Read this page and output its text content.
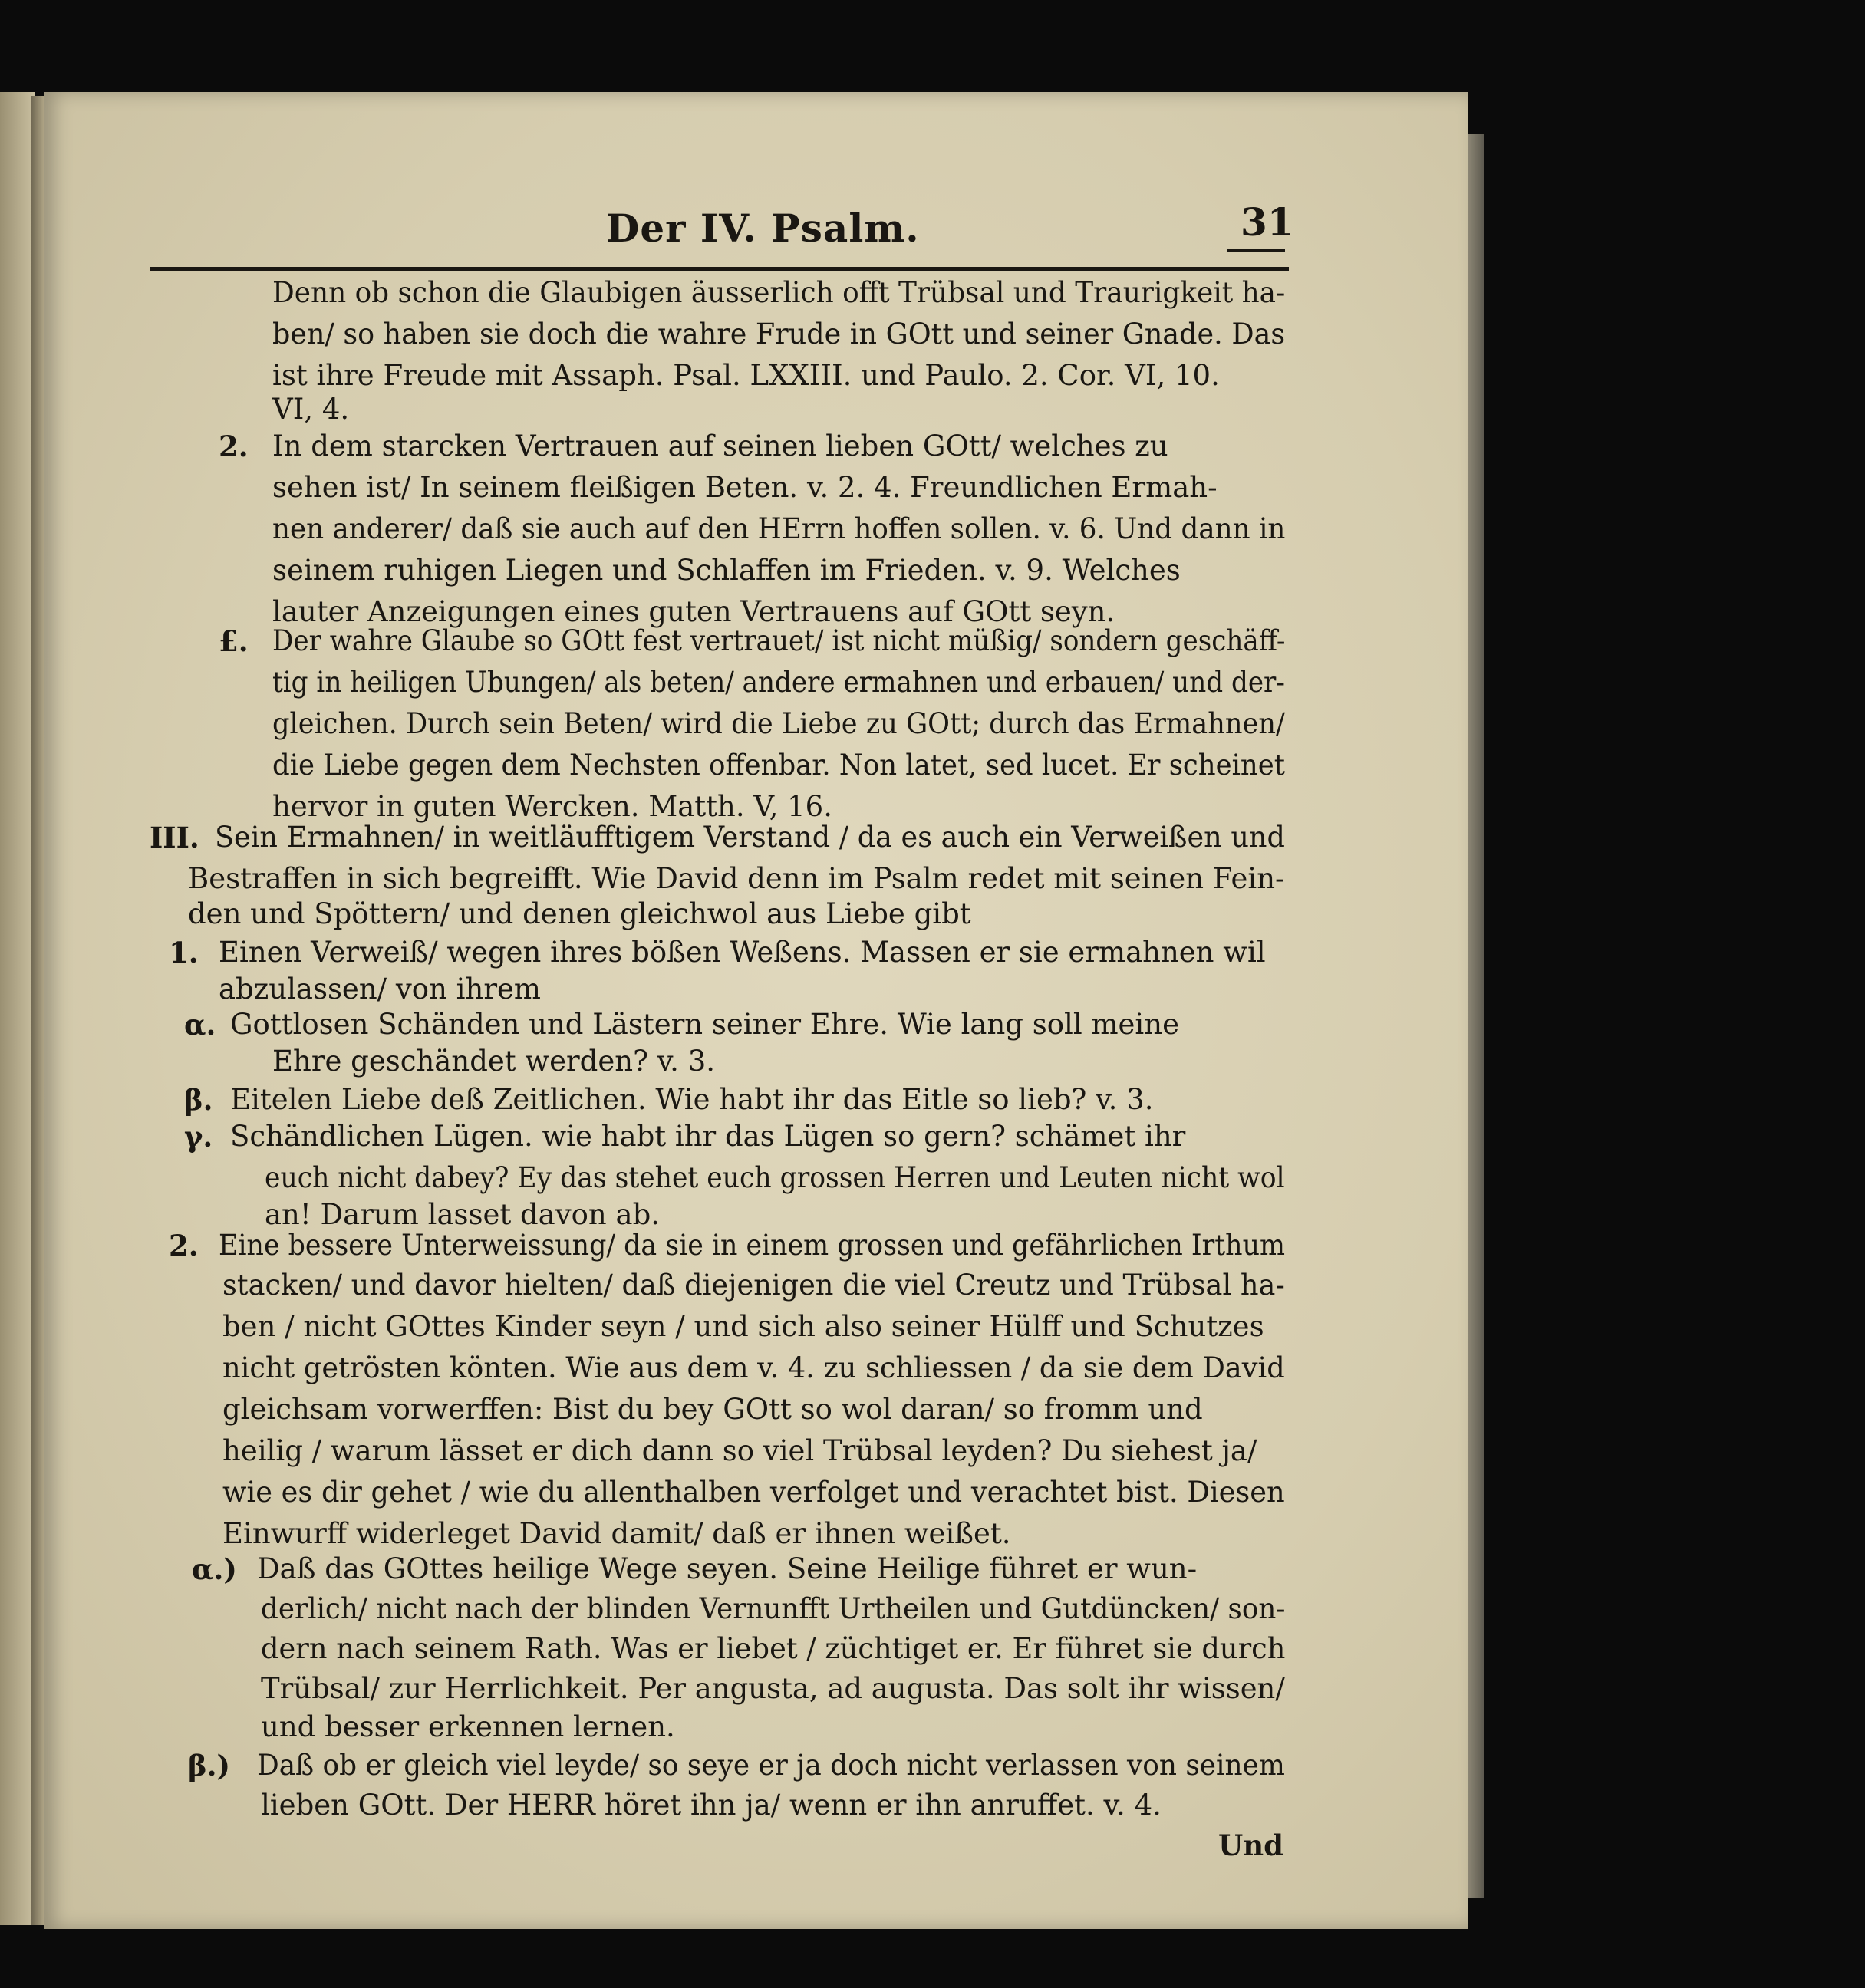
Der IV. Psalm.	31
Denn ob schon die Glaubigen äusserlich offt Trübsal und Traurigkeit ha-
ben/ so haben sie doch die wahre Frude in GOtt und seiner Gnade. Das
ist ihre Freude mit Assaph. Psal. LXXIII. und Paulo. 2. Cor. VI, 10.
VI, 4.
2. In dem starcken Vertrauen auf seinen lieben GOtt/ welches zu
sehen ist/ In seinem fleißigen Beten. v. 2. 4. Freundlichen Ermah-
nen anderer/ daß sie auch auf den HErrn hoffen sollen. v. 6. Und dann in
seinem ruhigen Liegen und Schlaffen im Frieden. v. 9. Welches
lauter Anzeigungen eines guten Vertrauens auf GOtt seyn.
£. Der wahre Glaube so GOtt fest vertrauet/ ist nicht müßig/ sondern geschäff-
tig in heiligen Ubungen/ als beten/ andere ermahnen und erbauen/ und der-
gleichen. Durch sein Beten/ wird die Liebe zu GOtt; durch das Ermahnen/
die Liebe gegen dem Nechsten offenbar. Non latet, sed lucet. Er scheinet
hervor in guten Wercken. Matth. V, 16.
III. Sein Ermahnen/ in weitläufftigem Verstand / da es auch ein Verweißen und
Bestraffen in sich begreifft. Wie David denn im Psalm redet mit seinen Fein-
den und Spöttern/ und denen gleichwol aus Liebe gibt
1. Einen Verweiß/ wegen ihres bößen Weßens. Massen er sie ermahnen wil
abzulassen/ von ihrem
α. Gottlosen Schänden und Lästern seiner Ehre. Wie lang soll meine
Ehre geschändet werden? v. 3.
β. Eitelen Liebe deß Zeitlichen. Wie habt ihr das Eitle so lieb? v. 3.
γ. Schändlichen Lügen. wie habt ihr das Lügen so gern? schämet ihr
euch nicht dabey? Ey das stehet euch grossen Herren und Leuten nicht wol
an! Darum lasset davon ab.
2. Eine bessere Unterweissung/ da sie in einem grossen und gefährlichen Irthum
stacken/ und davor hielten/ daß diejenigen die viel Creutz und Trübsal ha-
ben / nicht GOttes Kinder seyn / und sich also seiner Hülff und Schutzes
nicht getrösten könten. Wie aus dem v. 4. zu schliessen / da sie dem David
gleichsam vorwerffen: Bist du bey GOtt so wol daran/ so fromm und
heilig / warum lässet er dich dann so viel Trübsal leyden? Du siehest ja/
wie es dir gehet / wie du allenthalben verfolget und verachtet bist. Diesen
Einwurff widerleget David damit/ daß er ihnen weißet.
α.) Daß das GOttes heilige Wege seyen. Seine Heilige führet er wun-
derlich/ nicht nach der blinden Vernunfft Urtheilen und Gutdüncken/ son-
dern nach seinem Rath. Was er liebet / züchtiget er. Er führet sie durch
Trübsal/ zur Herrlichkeit. Per angusta, ad augusta. Das solt ihr wissen/
und besser erkennen lernen.
β.) Daß ob er gleich viel leyde/ so seye er ja doch nicht verlassen von seinem
lieben GOtt. Der HERR höret ihn ja/ wenn er ihn anruffet. v. 4.
Und
